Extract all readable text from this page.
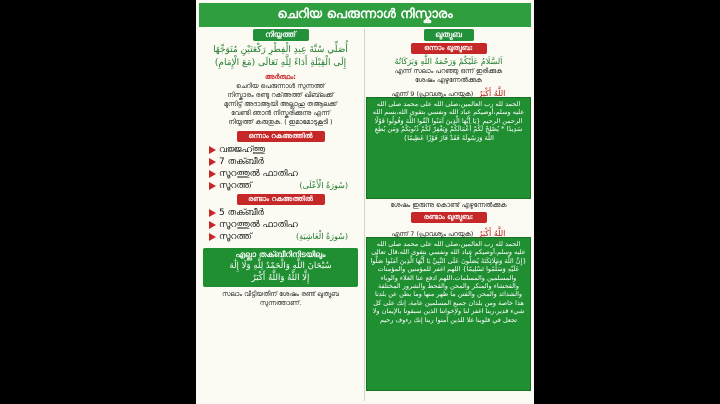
ചെറിയ പെരുന്നാൾ നിസ്കാരം
നിയ്യത്ത്
أُصَلِّي سُنَّةَ عِيدِ الْفِطْرِ رَكْعَتَيْنِ مُتَوَجِّهًا
إِلَى الْقِبْلَةِ أَدَاءً لِلَّهِ تَعَالَى (مَعَ الْإِمَامِ)
അർത്ഥം:
ചെറിയ പെരുന്നാൾ സുന്നത്ത്
നിസ്കാരം രണ്ടു റക്അത്ത് ഖിബ്‌ലക്ക്
മുന്നിട്ട് അദാആയി അല്ലാഹു തആലക്ക്
വേണ്ടി ഞാൻ നിസ്കരിക്കുന്നു എന്ന്
നിയ്യത്ത് കരുതുക. ( ഇമാമോടുകൂടി )
ഒന്നാം റകഅത്തിൽ
വജ്ജഹ്ത്തു
7 തക്ബീർ
സൂറത്തുൽ ഫാതിഹ
സൂറത്ത്	(سُورَةُ الْأَعْلَى)
രണ്ടാം റകഅത്തിൽ
5 തക്ബീർ
സൂറത്തുൽ ഫാതിഹ
സൂറത്ത്	(سُورَةُ الْغَاشِيَةِ)
എല്ലാ തക്ബീറിനിടയിലും
سُبْحَانَ اللَّهِ وَالْحَمْدُ لِلَّهِ وَلَا إِلَٰهَ
إِلَّا اللَّهُ وَاللَّهُ أَكْبَرُ
സലാം വീട്ടിയതിന് ശേഷം രണ്ട് ഖുത്വുബ
സുന്നത്താണ്.
ഖുത്വുബ
ഒന്നാം ഖുത്വുബ:
اَلسَّلَامُ عَلَيْكُمْ وَرَحْمَةُ اللَّهِ وَبَرَكَاتُهُ
എന്ന് സലാം പറഞ്ഞു ഒന്ന് ഇരിക്കുക
ശേഷം എഴുന്നേൽക്കുക
എന്ന് 9 (പ്രാവശ്യം പറയുക) اللَّهُ أَكْبَرُ
الحمد لله رب العالمين،صلى الله على محمد صلى الله عليه وسلم،أوصيكم عباد الله ونفسي بتقوى الله،بسم الله الرحمن الرحيم {يَا أَيُّهَا الَّذِينَ آمَنُوا اتَّقُوا اللَّهَ وَقُولُوا قَوْلًا سَدِيدًا * يُصْلِحْ لَكُمْ أَعْمَالَكُمْ وَيَغْفِرْ لَكُمْ ذُنُوبَكُمْ وَمَن يُطِعِ اللَّهَ وَرَسُولَهُ فَقَدْ فَازَ فَوْزًا عَظِيمًا}
ശേഷം ഇരുന്നു കൊണ്ട് എഴുന്നേൽക്കുക
രണ്ടാം ഖുത്വുബ:
എന്ന് 7 (പ്രാവശ്യം പറയുക) اللَّهُ أَكْبَرُ
الحمد لله رب العالمين،صلى الله على محمد صلى الله عليه وسلم،أوصيكم عباد الله ونفسي بتقوى الله،قال تعالى {إِنَّ اللَّهَ وَمَلَائِكَتَهُ يُصَلُّونَ عَلَى النَّبِيِّ يَا أَيُّهَا الَّذِينَ آمَنُوا صَلُّوا عَلَيْهِ وَسَلِّمُوا تَسْلِيمًا} اللهم اغفر للمؤمنين والمؤمنات والمسلمين والمسلمات،اللهم ادفع عنا الغلاء والوباء والفحشاء والمنكر والمحن والقحط والشرور المختلفة والشدائد والمحن والفتن ما ظهر منها وما بطن عن بلدنا هذا خاصة ومن بلدان جميع المسلمين عامة، إنك على كل شيء قدير،ربنا اغفر لنا ولإخواننا الذين سبقونا بالإيمان ولا تجعل في قلوبنا غلا للذين آمنوا ربنا إنك رءوف رحيم
